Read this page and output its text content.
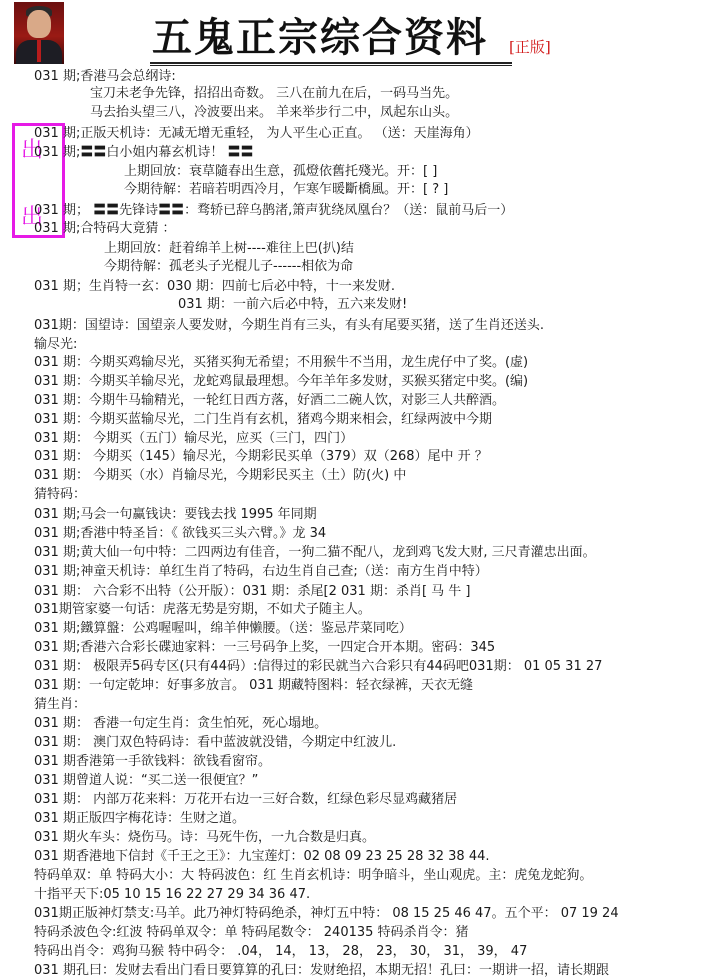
五鬼正宗综合资料	[正版]
出
出
031 期;香港马会总纲诗:
宝刀未老争先锋，招招出奇数。 三八在前九在后，一码马当先。
马去抬头望三八，冷波要出来。 羊来举步行二中，凤起东山头。
031 期;正版天机诗：无减无增无重轻， 为人平生心正直。 （送：天崖海角）
031 期;〓〓白小姐内幕玄机诗！ 〓〓
上期回放：衰草隨春出生意，孤燈依舊托殘光。开：[ ]
今期待解：若暗若明西冷月，乍寒乍暖斷橋風。开：[ ? ]
031 期； 〓〓先锋诗〓〓：骛轿已辞乌鹊渚,箫声犹绕凤凰台？（送：鼠前马后一）
031 期;合特码大竟猜 ：
上期回放：赶着绵羊上树----难往上巴(扒)结
今期待解：孤老头子光棍儿子------相依为命
031 期；生肖特一玄：030 期：四前七后必中特，十一来发财.
031 期：一前六后必中特，五六来发财!
031期：国望诗：国望亲人要发财，今期生肖有三头，有头有尾要买猪，送了生肖还送头.
输尽光:
031 期：今期买鸡输尽光，买猪买狗无希望；不用猴牛不当用，龙生虎仔中了奖。(虚)
031 期：今期买羊输尽光，龙蛇鸡鼠最理想。今年羊年多发财，买猴买猪定中奖。(编)
031 期：今期牛马输精光，一轮红日西方落，好酒二二碗人饮，对影三人共醉酒。
031 期：今期买蓝输尽光，二门生肖有玄机，猪鸡今期来相会，红绿两波中今期
031 期： 今期买（五门）输尽光，应买（三门，四门）
031 期： 今期买（145）输尽光，今期彩民买单（379）双（268）尾中 开 ？
031 期： 今期买（水）肖输尽光，今期彩民买主（土）防(火) 中
猜特码：
031 期;马会一句赢钱诀：要钱去找 1995 年同期
031 期;香港中特圣旨：《 欲钱买三头六臂。》龙 34
031 期;黄大仙一句中特：二四两边有佳音，一狗二猫不配八，龙到鸡飞发大财, 三尺青灌忠出面。
031 期;神童天机诗：单红生肖了特码，右边生肖自己查;（送：南方生肖中特）
031 期： 六合彩不出特（公开版）：031 期：杀尾[2 031 期：杀肖[ 马 牛 ]
031期管家婆一句话：虎落无势是穷期，不如犬子随主人。
031 期;鐵算盤：公鸡喔喔叫，绵羊伸懒腰。（送：鉴忌芹菜同吃）
031 期;香港六合彩长碟迪家料：一三号码争上奖，一四定合开本期。密码：345
031 期： 极限弄5码专区(只有44码）:信得过的彩民就当六合彩只有44码吧031期： 01 05 31 27
031 期：一句定乾坤：好事多放言。 031 期藏特图料：轻衣绿裤，天衣无缝
猜生肖：
031 期： 香港一句定生肖：贪生怕死，死心塌地。
031 期： 澳门双色特码诗：看中蓝波就没错，今期定中红波儿.
031 期香港第一手欲钱料：欲钱看窗帘。
031 期曾道人说：“买二送一很便宜？”
031 期： 内部万花来料：万花开右边一三好合数，红绿色彩尽显鸡藏猪居
031 期正版四字梅花诗：生财之道。
031 期火车头：烧伤马。诗：马死牛伤，一九合数是归真。
031 期香港地下信封《千王之王》：九宝莲灯：02 08 09 23 25 28 32 38 44.
特码单双：单 特码大小：大 特码波色：红 生肖玄机诗：明争暗斗，坐山观虎。主：虎兔龙蛇狗。
十指平天下:05 10 15 16 22 27 29 34 36 47.
031期正版神灯禁支:马羊。此乃神灯特码绝杀，神灯五中特： 08 15 25 46 47。五个平： 07 19 24
特码杀波色令:红波 特码单双令：单 特码尾数令： 240135 特码杀肖令：猪
特码出肖令：鸡狗马猴 特中码令： .04， 14， 13， 28， 23， 30， 31， 39， 47
031 期孔曰：发财去看出门看日要算算的孔曰：发财绝招，本期无招！孔曰：一期讲一招，请长期跟
